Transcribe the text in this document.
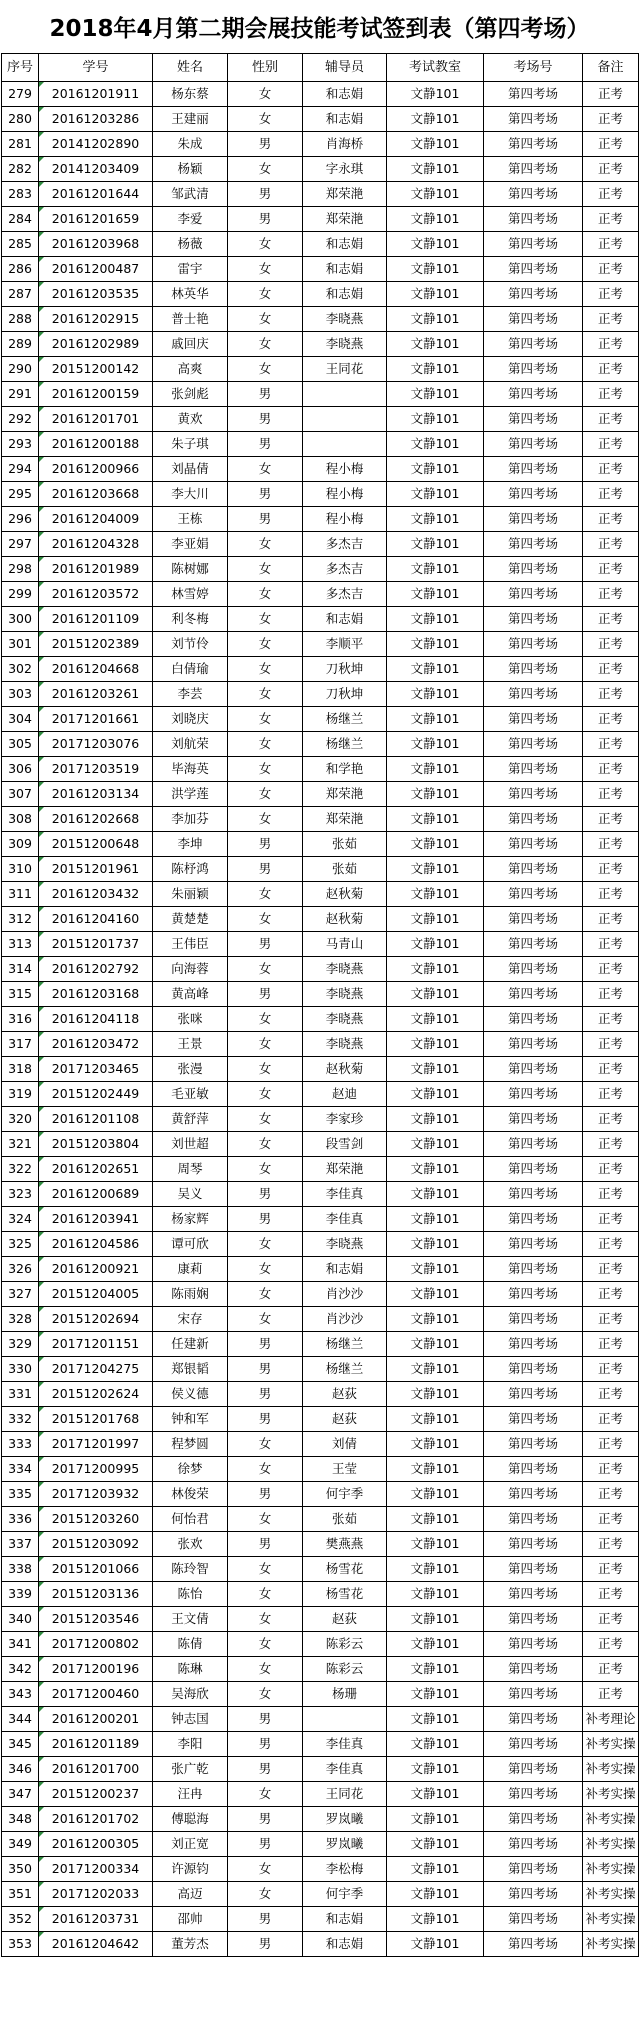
2018年4月第二期会展技能考试签到表（第四考场）
序号	学号	姓名	性别	辅导员	考试教室	考场号	备注
279	20161201911	杨东蔡	女	和志娟	文静101	第四考场	正考
280	20161203286	王建丽	女	和志娟	文静101	第四考场	正考
281	20141202890	朱成	男	肖海桥	文静101	第四考场	正考
282	20141203409	杨颖	女	字永琪	文静101	第四考场	正考
283	20161201644	邹武清	男	郑荣滟	文静101	第四考场	正考
284	20161201659	李爱	男	郑荣滟	文静101	第四考场	正考
285	20161203968	杨薇	女	和志娟	文静101	第四考场	正考
286	20161200487	雷宇	女	和志娟	文静101	第四考场	正考
287	20161203535	林英华	女	和志娟	文静101	第四考场	正考
288	20161202915	普士艳	女	李晓燕	文静101	第四考场	正考
289	20161202989	戚回庆	女	李晓燕	文静101	第四考场	正考
290	20151200142	高爽	女	王同花	文静101	第四考场	正考
291	20161200159	张剑彪	男		文静101	第四考场	正考
292	20161201701	黄欢	男		文静101	第四考场	正考
293	20161200188	朱子琪	男		文静101	第四考场	正考
294	20161200966	刘晶倩	女	程小梅	文静101	第四考场	正考
295	20161203668	李大川	男	程小梅	文静101	第四考场	正考
296	20161204009	王栋	男	程小梅	文静101	第四考场	正考
297	20161204328	李亚娟	女	多杰吉	文静101	第四考场	正考
298	20161201989	陈树娜	女	多杰吉	文静101	第四考场	正考
299	20161203572	林雪婷	女	多杰吉	文静101	第四考场	正考
300	20161201109	利冬梅	女	和志娟	文静101	第四考场	正考
301	20151202389	刘节伶	女	李顺平	文静101	第四考场	正考
302	20161204668	白倩瑜	女	刀秋坤	文静101	第四考场	正考
303	20161203261	李芸	女	刀秋坤	文静101	第四考场	正考
304	20171201661	刘晓庆	女	杨继兰	文静101	第四考场	正考
305	20171203076	刘航荣	女	杨继兰	文静101	第四考场	正考
306	20171203519	毕海英	女	和学艳	文静101	第四考场	正考
307	20161203134	洪学莲	女	郑荣滟	文静101	第四考场	正考
308	20161202668	李加芬	女	郑荣滟	文静101	第四考场	正考
309	20151200648	李坤	男	张茹	文静101	第四考场	正考
310	20151201961	陈杼鸿	男	张茹	文静101	第四考场	正考
311	20161203432	朱丽颖	女	赵秋菊	文静101	第四考场	正考
312	20161204160	黄楚楚	女	赵秋菊	文静101	第四考场	正考
313	20151201737	王伟臣	男	马青山	文静101	第四考场	正考
314	20161202792	向海蓉	女	李晓燕	文静101	第四考场	正考
315	20161203168	黄高峰	男	李晓燕	文静101	第四考场	正考
316	20161204118	张咪	女	李晓燕	文静101	第四考场	正考
317	20161203472	王景	女	李晓燕	文静101	第四考场	正考
318	20171203465	张漫	女	赵秋菊	文静101	第四考场	正考
319	20151202449	毛亚敏	女	赵迪	文静101	第四考场	正考
320	20161201108	黄舒萍	女	李家珍	文静101	第四考场	正考
321	20151203804	刘世超	女	段雪剑	文静101	第四考场	正考
322	20161202651	周琴	女	郑荣滟	文静101	第四考场	正考
323	20161200689	吴义	男	李佳真	文静101	第四考场	正考
324	20161203941	杨家辉	男	李佳真	文静101	第四考场	正考
325	20161204586	谭可欣	女	李晓燕	文静101	第四考场	正考
326	20161200921	康莉	女	和志娟	文静101	第四考场	正考
327	20151204005	陈雨娴	女	肖沙沙	文静101	第四考场	正考
328	20151202694	宋存	女	肖沙沙	文静101	第四考场	正考
329	20171201151	任建新	男	杨继兰	文静101	第四考场	正考
330	20171204275	郑银韬	男	杨继兰	文静101	第四考场	正考
331	20151202624	侯义德	男	赵荻	文静101	第四考场	正考
332	20151201768	钟和军	男	赵荻	文静101	第四考场	正考
333	20171201997	程梦圆	女	刘倩	文静101	第四考场	正考
334	20171200995	徐梦	女	王莹	文静101	第四考场	正考
335	20171203932	林俊荣	男	何宇季	文静101	第四考场	正考
336	20151203260	何怡君	女	张茹	文静101	第四考场	正考
337	20151203092	张欢	男	樊燕燕	文静101	第四考场	正考
338	20151201066	陈玲智	女	杨雪花	文静101	第四考场	正考
339	20151203136	陈怡	女	杨雪花	文静101	第四考场	正考
340	20151203546	王文倩	女	赵荻	文静101	第四考场	正考
341	20171200802	陈倩	女	陈彩云	文静101	第四考场	正考
342	20171200196	陈琳	女	陈彩云	文静101	第四考场	正考
343	20171200460	吴海欣	女	杨珊	文静101	第四考场	正考
344	20161200201	钟志国	男		文静101	第四考场	补考理论
345	20161201189	李阳	男	李佳真	文静101	第四考场	补考实操
346	20161201700	张广乾	男	李佳真	文静101	第四考场	补考实操
347	20151200237	汪冉	女	王同花	文静101	第四考场	补考实操
348	20161201702	傅聪海	男	罗岚曦	文静101	第四考场	补考实操
349	20161200305	刘正宽	男	罗岚曦	文静101	第四考场	补考实操
350	20171200334	许源钧	女	李松梅	文静101	第四考场	补考实操
351	20171202033	高迈	女	何宇季	文静101	第四考场	补考实操
352	20161203731	邵帅	男	和志娟	文静101	第四考场	补考实操
353	20161204642	董芳杰	男	和志娟	文静101	第四考场	补考实操
